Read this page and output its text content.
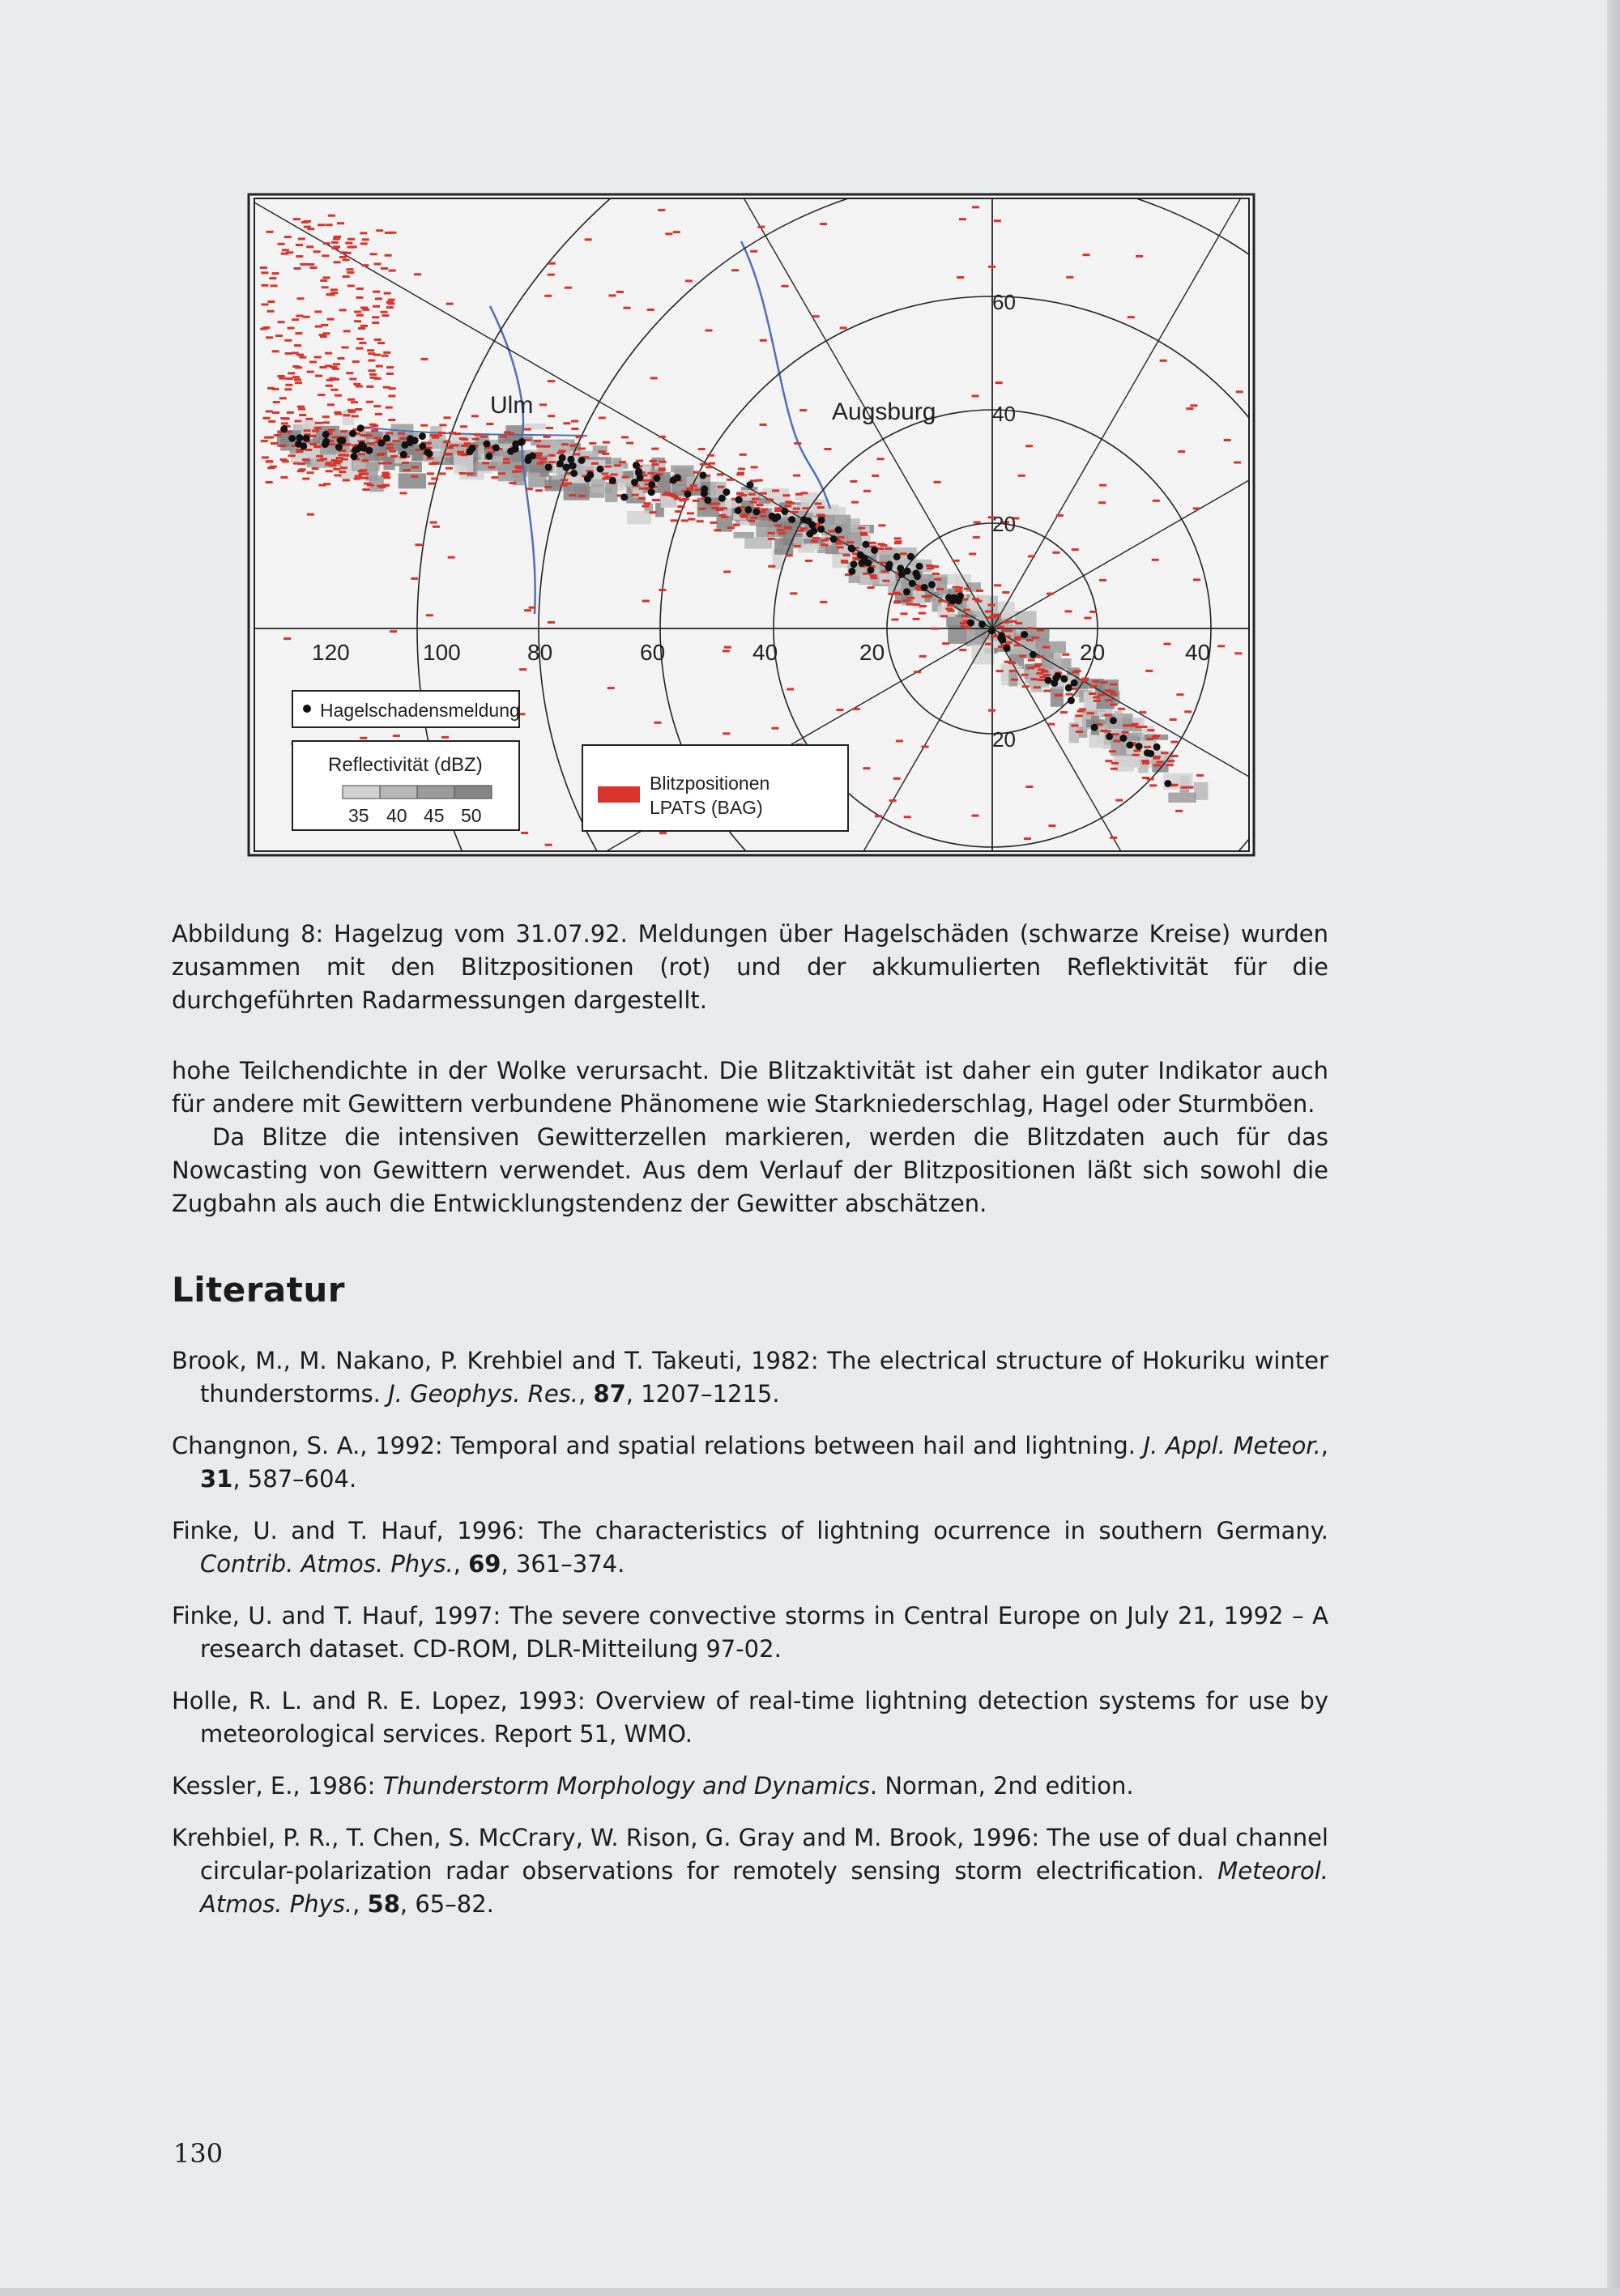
Ulm	Augsburg
120	100	80	60	40	20	20	40
60
40
20
20
Hagelschadensmeldung
Reflectivität (dBZ)
35 40 45 50
Blitzpositionen
LPATS (BAG)

Abbildung 8: Hagelzug vom 31.07.92. Meldungen über Hagelschäden (schwarze Kreise) wurden zusammen mit den Blitzpositionen (rot) und der akkumulierten Reflektivität für die durchgeführten Radarmessungen dargestellt.

hohe Teilchendichte in der Wolke verursacht. Die Blitzaktivität ist daher ein guter Indikator auch für andere mit Gewittern verbundene Phänomene wie Starkniederschlag, Hagel oder Sturmböen.

Da Blitze die intensiven Gewitterzellen markieren, werden die Blitzdaten auch für das Nowcasting von Gewittern verwendet. Aus dem Verlauf der Blitzpositionen läßt sich sowohl die Zugbahn als auch die Entwicklungstendenz der Gewitter abschätzen.

Literatur
Brook, M., M. Nakano, P. Krehbiel and T. Takeuti, 1982: The electrical structure of Hokuriku winter thunderstorms. J. Geophys. Res., 87, 1207–1215.
Changnon, S. A., 1992: Temporal and spatial relations between hail and lightning. J. Appl. Meteor., 31, 587–604.
Finke, U. and T. Hauf, 1996: The characteristics of lightning ocurrence in southern Germany. Contrib. Atmos. Phys., 69, 361–374.
Finke, U. and T. Hauf, 1997: The severe convective storms in Central Europe on July 21, 1992 – A research dataset. CD-ROM, DLR-Mitteilung 97-02.
Holle, R. L. and R. E. Lopez, 1993: Overview of real-time lightning detection systems for use by meteorological services. Report 51, WMO.
Kessler, E., 1986: Thunderstorm Morphology and Dynamics. Norman, 2nd edition.
Krehbiel, P. R., T. Chen, S. McCrary, W. Rison, G. Gray and M. Brook, 1996: The use of dual channel circular-polarization radar observations for remotely sensing storm electrification. Meteorol. Atmos. Phys., 58, 65–82.
130
